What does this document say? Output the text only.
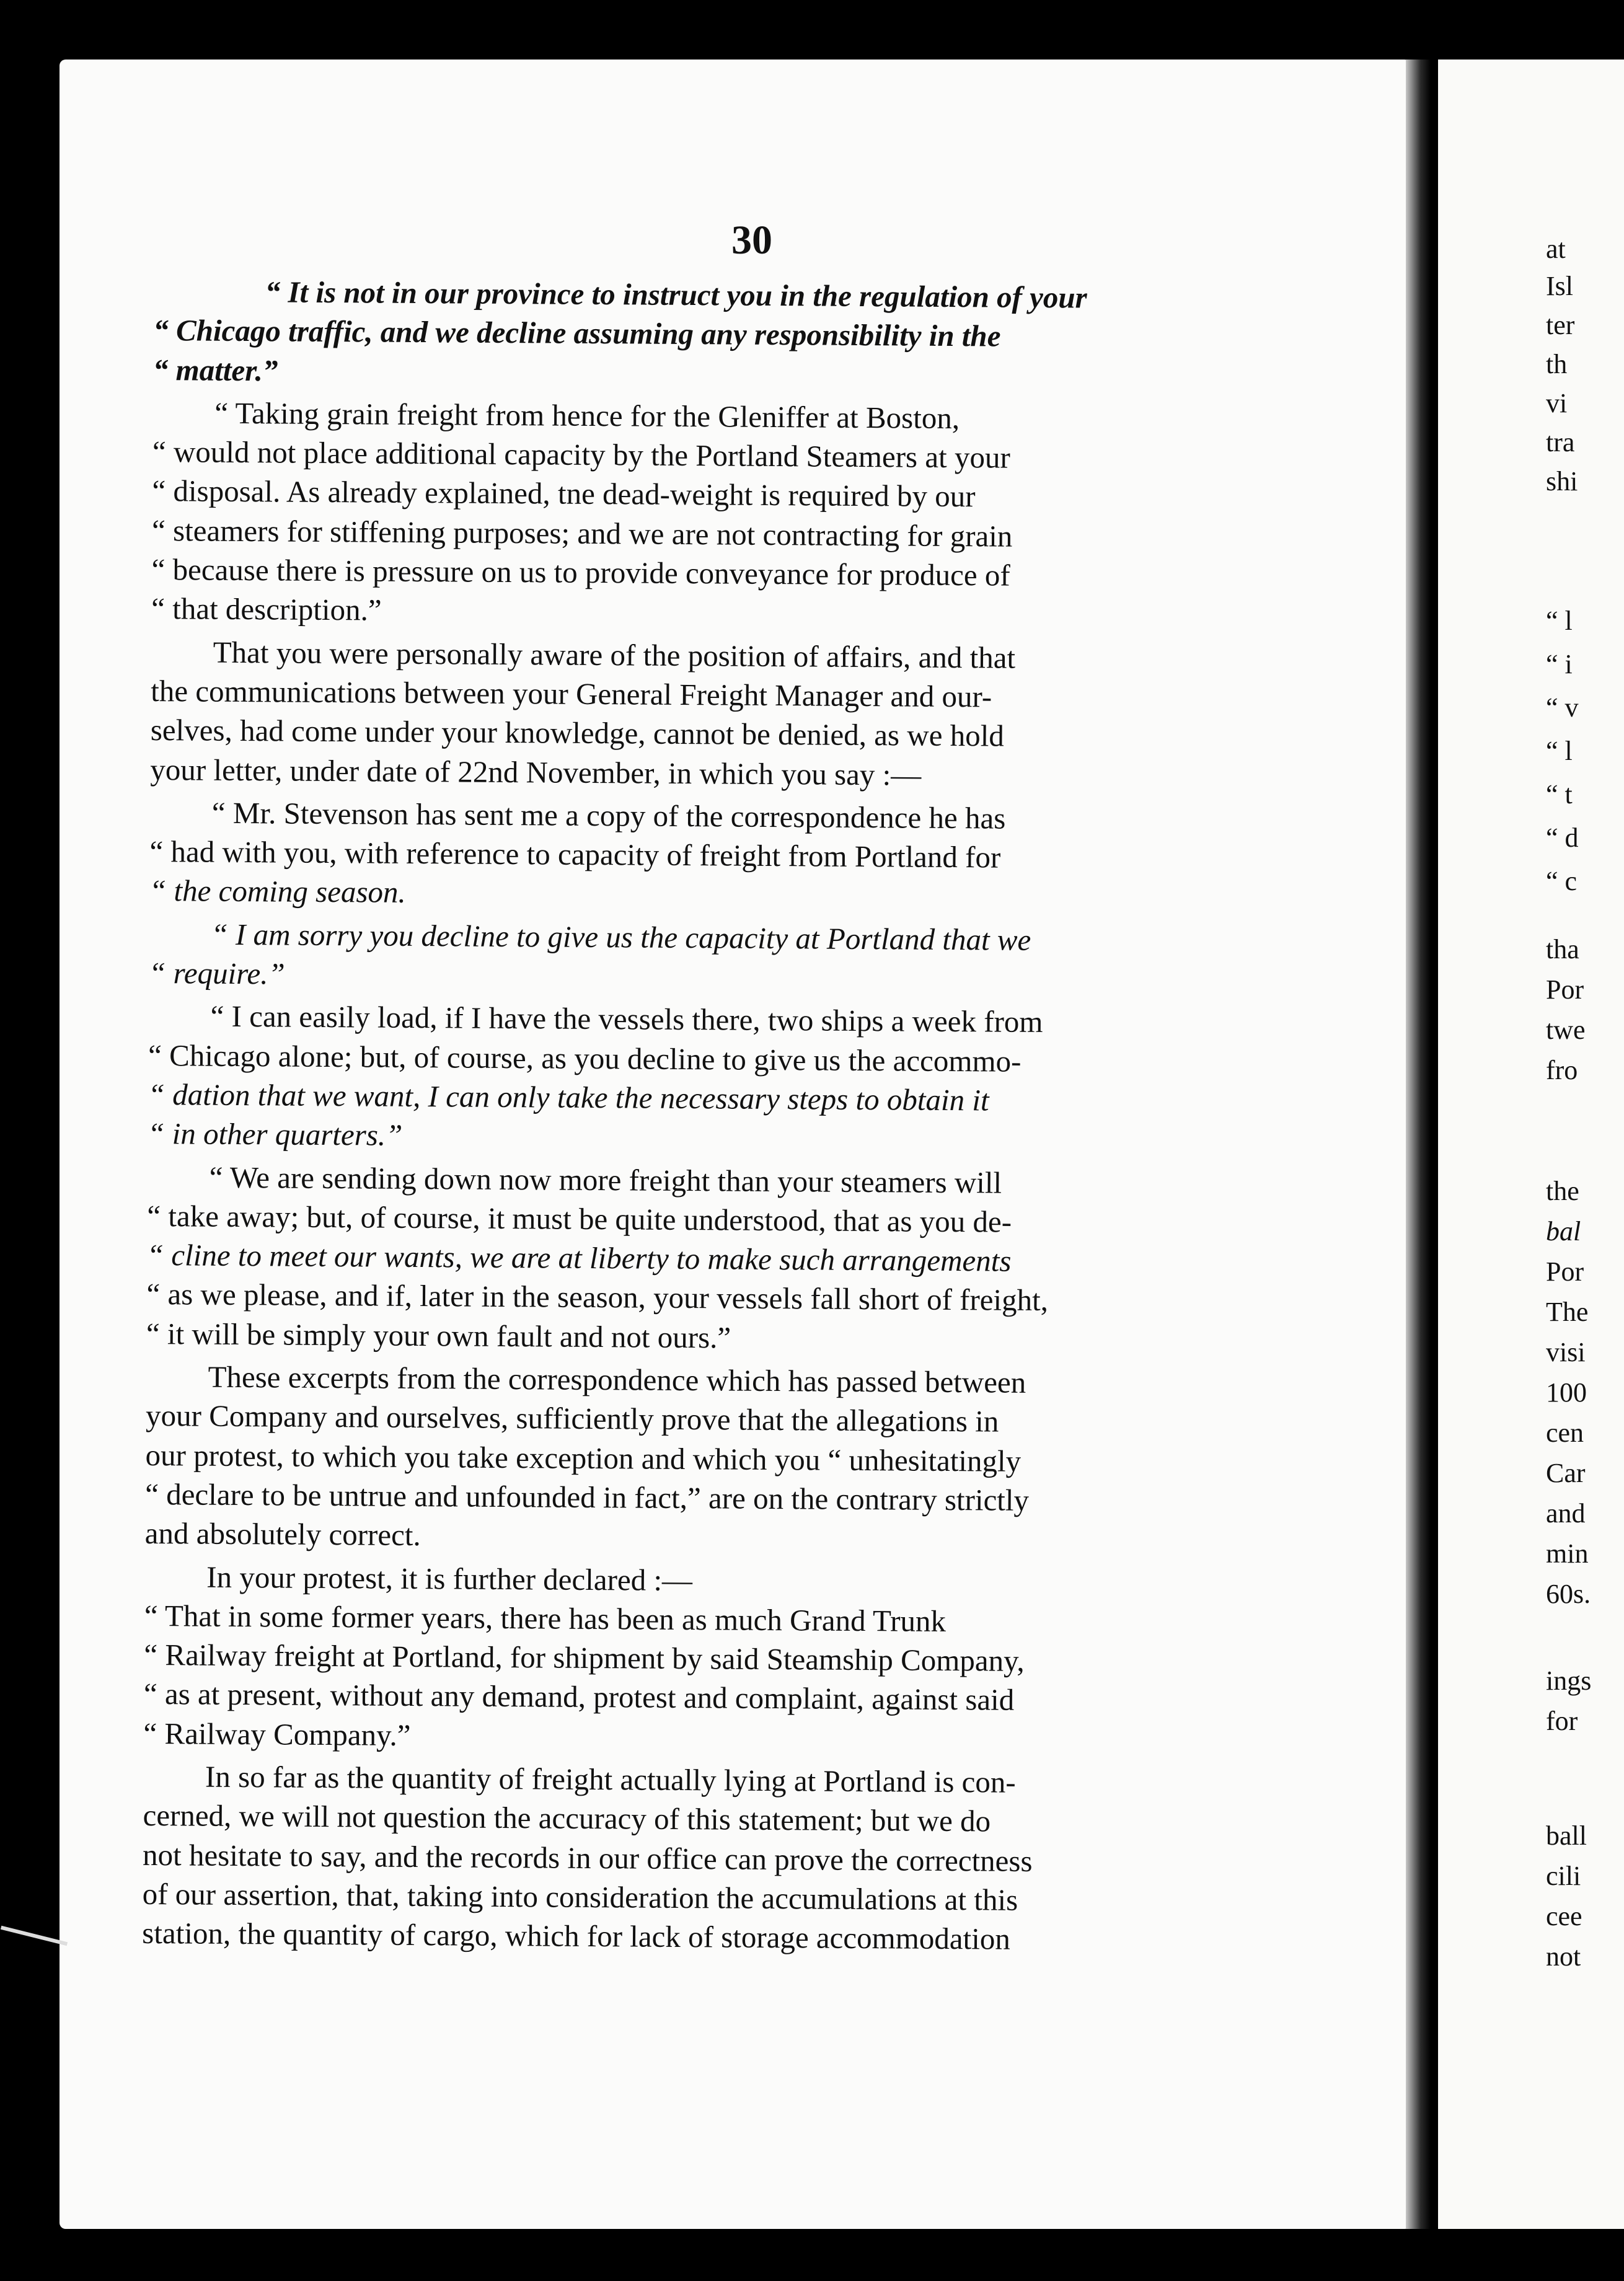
30
“ It is not in our province to instruct you in the regulation of your
“ Chicago traffic, and we decline assuming any responsibility in the
“ matter.”
“ Taking grain freight from hence for the Gleniffer at Boston,
“ would not place additional capacity by the Portland Steamers at your
“ disposal. As already explained, tne dead-weight is required by our
“ steamers for stiffening purposes; and we are not contracting for grain
“ because there is pressure on us to provide conveyance for produce of
“ that description.”
That you were personally aware of the position of affairs, and that
the communications between your General Freight Manager and our-
selves, had come under your knowledge, cannot be denied, as we hold
your letter, under date of 22nd November, in which you say :—
“ Mr. Stevenson has sent me a copy of the correspondence he has
“ had with you, with reference to capacity of freight from Portland for
“ the coming season.
“ I am sorry you decline to give us the capacity at Portland that we
“ require.”
“ I can easily load, if I have the vessels there, two ships a week from
“ Chicago alone; but, of course, as you decline to give us the accommo-
“ dation that we want, I can only take the necessary steps to obtain it
“ in other quarters.”
“ We are sending down now more freight than your steamers will
“ take away; but, of course, it must be quite understood, that as you de-
“ cline to meet our wants, we are at liberty to make such arrangements
“ as we please, and if, later in the season, your vessels fall short of freight,
“ it will be simply your own fault and not ours.”
These excerpts from the correspondence which has passed between
your Company and ourselves, sufficiently prove that the allegations in
our protest, to which you take exception and which you “ unhesitatingly
“ declare to be untrue and unfounded in fact,” are on the contrary strictly
and absolutely correct.
In your protest, it is further declared :—
“ That in some former years, there has been as much Grand Trunk
“ Railway freight at Portland, for shipment by said Steamship Company,
“ as at present, without any demand, protest and complaint, against said
“ Railway Company.”
In so far as the quantity of freight actually lying at Portland is con-
cerned, we will not question the accuracy of this statement; but we do
not hesitate to say, and the records in our office can prove the correctness
of our assertion, that, taking into consideration the accumulations at this
station, the quantity of cargo, which for lack of storage accommodation
at
Isl
ter
th
vi
tra
shi
“ l
“ i
“ v
“ l
“ t
“ d
“ c
tha
Por
twe
fro
the
bal
Por
The
visi
100
cen
Car
and
min
60s.
ings
for
ball
cili
cee
not
